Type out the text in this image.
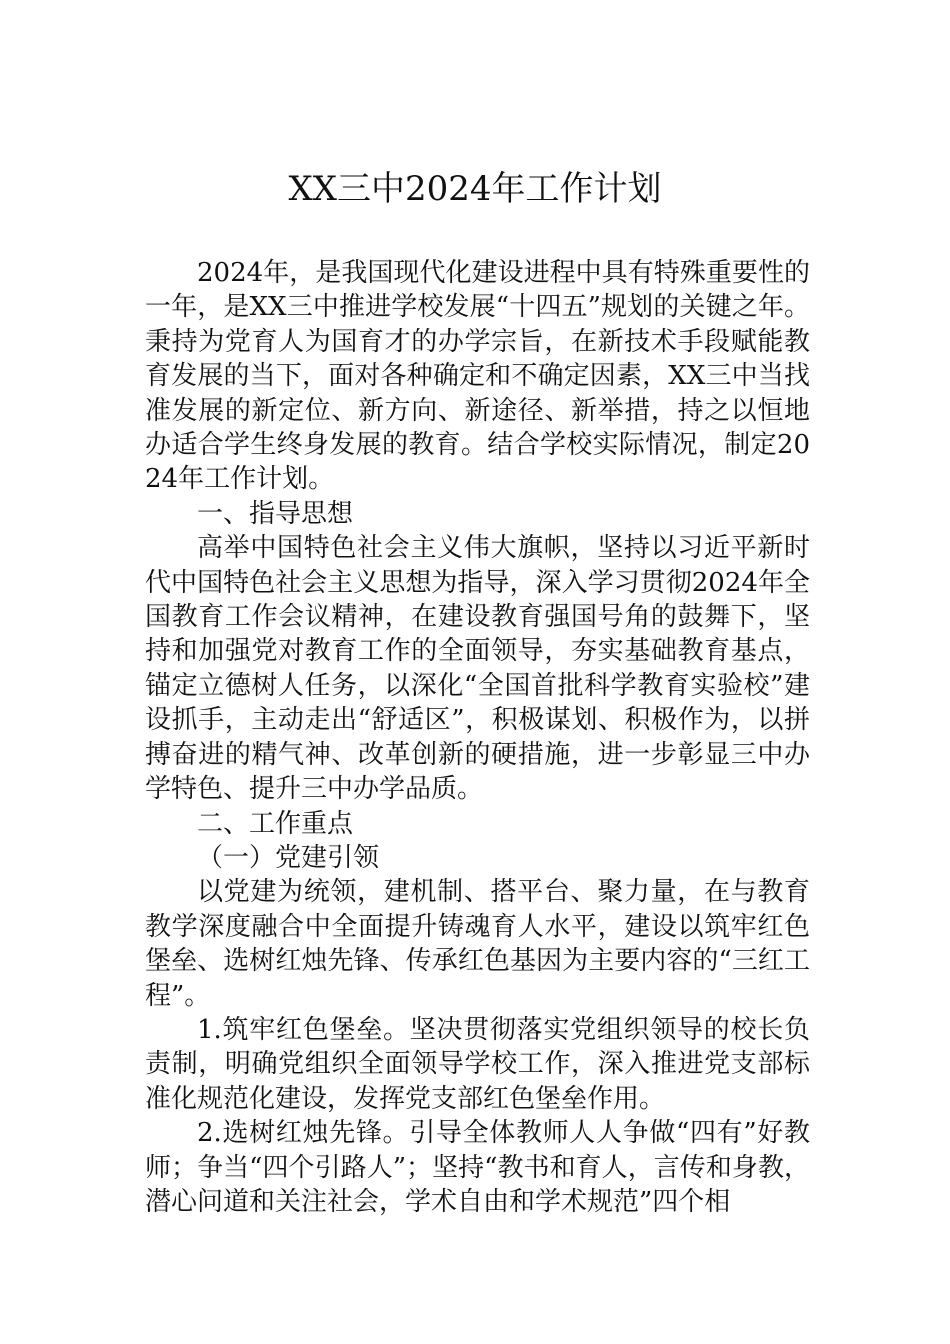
XX三中2024年工作计划

2024年，是我国现代化建设进程中具有特殊重要性的一年，是XX三中推进学校发展“十四五”规划的关键之年。秉持为党育人为国育才的办学宗旨，在新技术手段赋能教育发展的当下，面对各种确定和不确定因素，XX三中当找准发展的新定位、新方向、新途径、新举措，持之以恒地办适合学生终身发展的教育。结合学校实际情况，制定2024年工作计划。

一、指导思想

高举中国特色社会主义伟大旗帜，坚持以习近平新时代中国特色社会主义思想为指导，深入学习贯彻2024年全国教育工作会议精神，在建设教育强国号角的鼓舞下，坚持和加强党对教育工作的全面领导，夯实基础教育基点，锚定立德树人任务，以深化“全国首批科学教育实验校”建设抓手，主动走出“舒适区”，积极谋划、积极作为，以拼搏奋进的精气神、改革创新的硬措施，进一步彰显三中办学特色、提升三中办学品质。

二、工作重点

（一）党建引领

以党建为统领，建机制、搭平台、聚力量，在与教育教学深度融合中全面提升铸魂育人水平，建设以筑牢红色堡垒、选树红烛先锋、传承红色基因为主要内容的“三红工程”。

1.筑牢红色堡垒。坚决贯彻落实党组织领导的校长负责制，明确党组织全面领导学校工作，深入推进党支部标准化规范化建设，发挥党支部红色堡垒作用。

2.选树红烛先锋。引导全体教师人人争做“四有”好教师；争当“四个引路人”；坚持“教书和育人，言传和身教，潜心问道和关注社会，学术自由和学术规范”四个相
